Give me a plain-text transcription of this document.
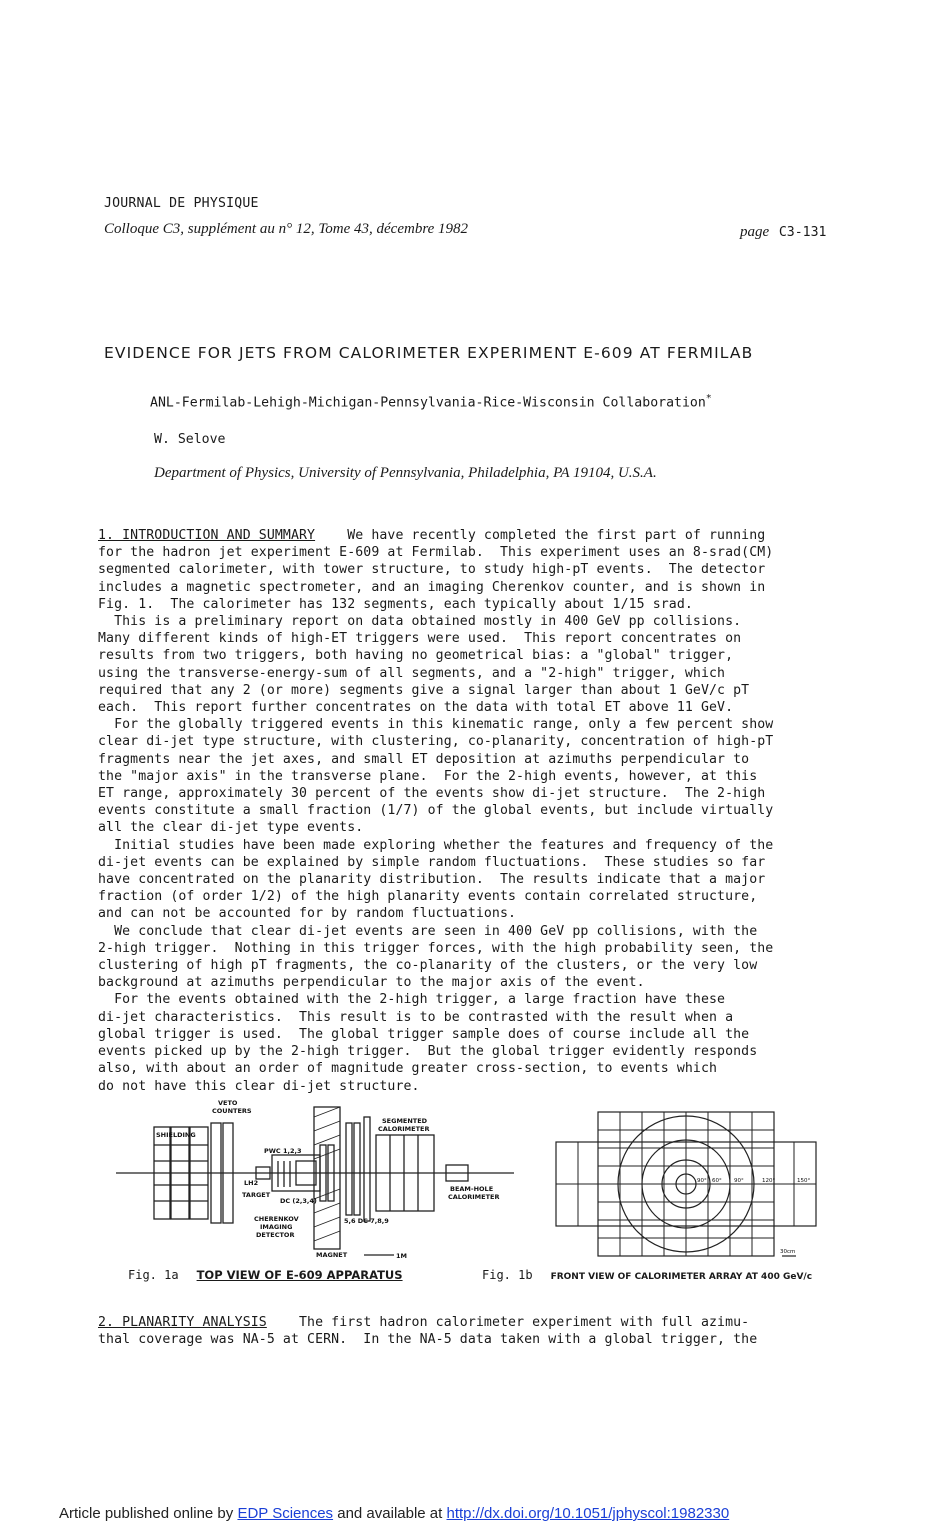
JOURNAL DE PHYSIQUE
Colloque C3, supplément au n° 12, Tome 43, décembre 1982	page C3-131
EVIDENCE FOR JETS FROM CALORIMETER EXPERIMENT E-609 AT FERMILAB
ANL-Fermilab-Lehigh-Michigan-Pennsylvania-Rice-Wisconsin Collaboration*
W. Selove
Department of Physics, University of Pennsylvania, Philadelphia, PA 19104, U.S.A.
1. INTRODUCTION AND SUMMARY    We have recently completed the first part of running
for the hadron jet experiment E-609 at Fermilab.  This experiment uses an 8-srad(CM)
segmented calorimeter, with tower structure, to study high-pT events.  The detector
includes a magnetic spectrometer, and an imaging Cherenkov counter, and is shown in
Fig. 1.  The calorimeter has 132 segments, each typically about 1/15 srad.
This is a preliminary report on data obtained mostly in 400 GeV pp collisions.
Many different kinds of high-ET triggers were used.  This report concentrates on
results from two triggers, both having no geometrical bias: a "global" trigger,
using the transverse-energy-sum of all segments, and a "2-high" trigger, which
required that any 2 (or more) segments give a signal larger than about 1 GeV/c pT
each.  This report further concentrates on the data with total ET above 11 GeV.
For the globally triggered events in this kinematic range, only a few percent show
clear di-jet type structure, with clustering, co-planarity, concentration of high-pT
fragments near the jet axes, and small ET deposition at azimuths perpendicular to
the "major axis" in the transverse plane.  For the 2-high events, however, at this
ET range, approximately 30 percent of the events show di-jet structure.  The 2-high
events constitute a small fraction (1/7) of the global events, but include virtually
all the clear di-jet type events.
Initial studies have been made exploring whether the features and frequency of the
di-jet events can be explained by simple random fluctuations.  These studies so far
have concentrated on the planarity distribution.  The results indicate that a major
fraction (of order 1/2) of the high planarity events contain correlated structure,
and can not be accounted for by random fluctuations.
We conclude that clear di-jet events are seen in 400 GeV pp collisions, with the
2-high trigger.  Nothing in this trigger forces, with the high probability seen, the
clustering of high pT fragments, the co-planarity of the clusters, or the very low
background at azimuths perpendicular to the major axis of the event.
For the events obtained with the 2-high trigger, a large fraction have these
di-jet characteristics.  This result is to be contrasted with the result when a
global trigger is used.  The global trigger sample does of course include all the
events picked up by the 2-high trigger.  But the global trigger evidently responds
also, with about an order of magnitude greater cross-section, to events which
do not have this clear di-jet structure.
VETO
COUNTERS
SHIELDING
SEGMENTED
CALORIMETER
PWC 1,2,3
LH2
TARGET
DC (2,3,4)
CHERENKOV
IMAGING
DETECTOR
MAGNET
5,6 DC 7,8,9
BEAM-HOLE
CALORIMETER
1M
90° 60° 90°	120°	150°
30cm
Fig. 1a TOP VIEW OF E-609 APPARATUS	Fig. 1b FRONT VIEW OF CALORIMETER ARRAY AT 400 GeV/c
2. PLANARITY ANALYSIS    The first hadron calorimeter experiment with full azimu-
thal coverage was NA-5 at CERN.  In the NA-5 data taken with a global trigger, the
Article published online by EDP Sciences and available at http://dx.doi.org/10.1051/jphyscol:1982330
